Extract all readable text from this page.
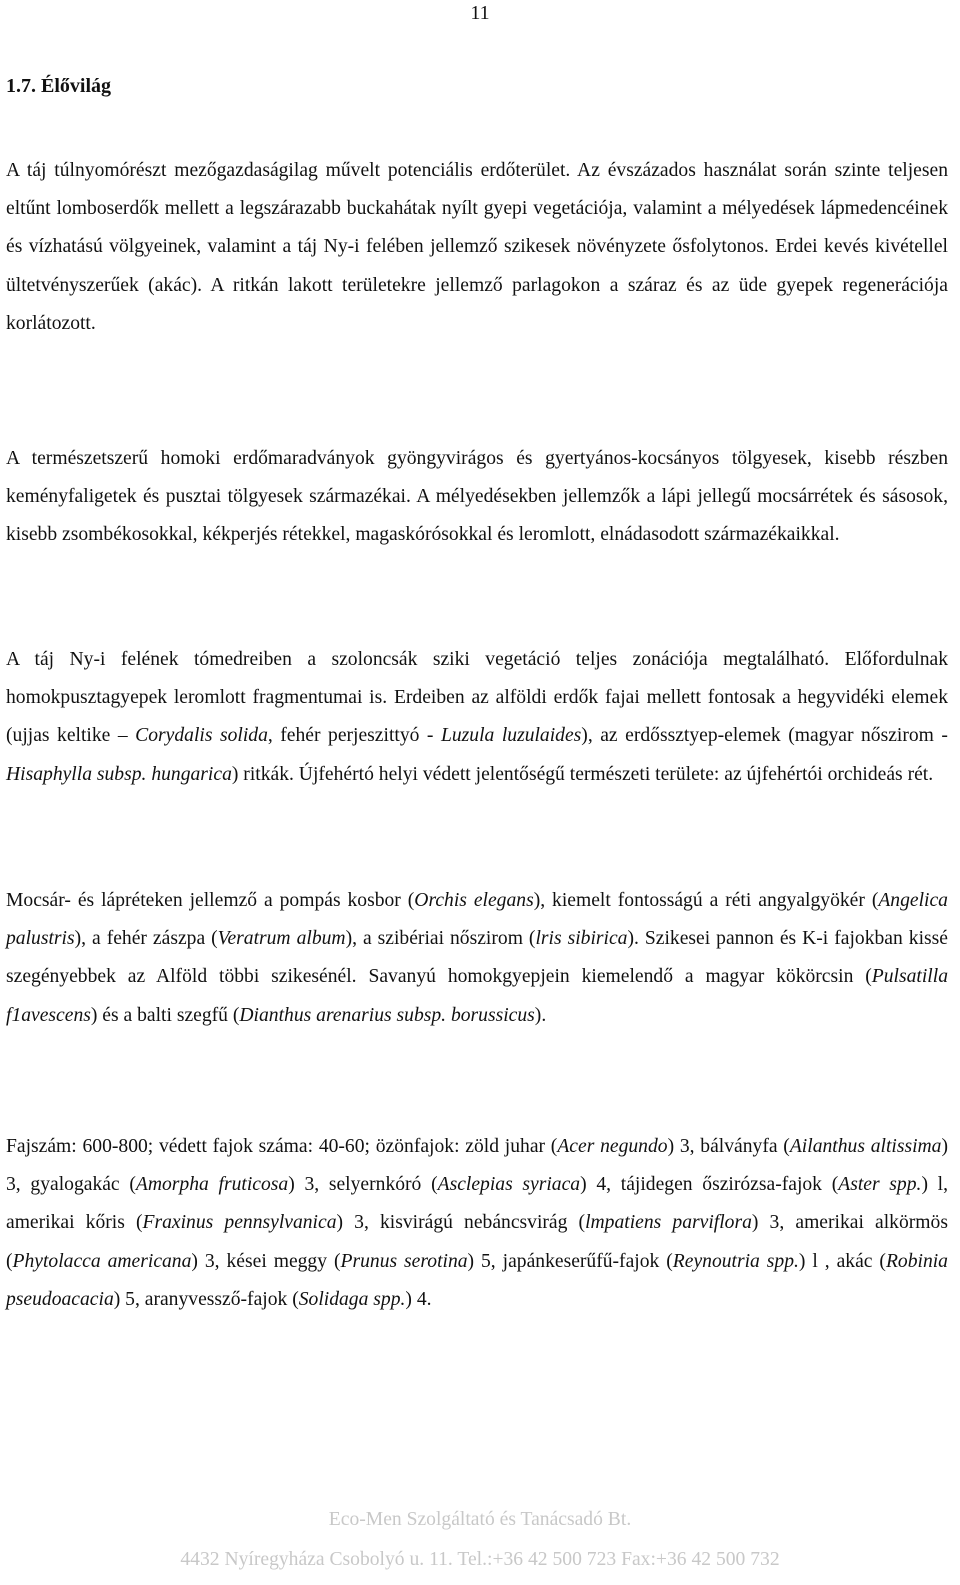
11
1.7. Élővilág

A táj túlnyomórészt mezőgazdaságilag művelt potenciális erdőterület. Az évszázados használat során szinte teljesen eltűnt lomboserdők mellett a legszárazabb buckahátak nyílt gyepi vegetációja, valamint a mélyedések lápmedencéinek és vízhatású völgyeinek, valamint a táj Ny-i felében jellemző szikesek növényzete ősfolytonos. Erdei kevés kivétellel ültetvényszerűek (akác). A ritkán lakott területekre jellemző parlagokon a száraz és az üde gyepek regenerációja korlátozott.

A természetszerű homoki erdőmaradványok gyöngyvirágos és gyertyános-kocsányos tölgyesek, kisebb részben keményfaligetek és pusztai tölgyesek származékai. A mélyedésekben jellemzők a lápi jellegű mocsárrétek és sásosok, kisebb zsombékosokkal, kékperjés rétekkel, magaskórósokkal és leromlott, elnádasodott származékaikkal.

A táj Ny-i felének tómedreiben a szoloncsák sziki vegetáció teljes zonációja megtalálható. Előfordulnak homokpusztagyepek leromlott fragmentumai is. Erdeiben az alföldi erdők fajai mellett fontosak a hegyvidéki elemek (ujjas keltike – Corydalis solida, fehér perjeszittyó - Luzula luzulaides), az erdőssztyep-elemek (magyar nőszirom - Hisaphylla subsp. hungarica) ritkák. Újfehértó helyi védett jelentőségű természeti területe: az újfehértói orchideás rét.

Mocsár- és lápréteken jellemző a pompás kosbor (Orchis elegans), kiemelt fontosságú a réti angyalgyökér (Angelica palustris), a fehér zászpa (Veratrum album), a szibériai nőszirom (lris sibirica). Szikesei pannon és K-i fajokban kissé szegényebbek az Alföld többi szikesénél. Savanyú homokgyepjein kiemelendő a magyar kökörcsin (Pulsatilla f1avescens) és a balti szegfű (Dianthus arenarius subsp. borussicus).

Fajszám: 600-800; védett fajok száma: 40-60; özönfajok: zöld juhar (Acer negundo) 3, bálványfa (Ailanthus altissima) 3, gyalogakác (Amorpha fruticosa) 3, selyernkóró (Asclepias syriaca) 4, tájidegen őszirózsa-fajok (Aster spp.) l, amerikai kőris (Fraxinus pennsylvanica) 3, kisvirágú nebáncsvirág (lmpatiens parviflora) 3, amerikai alkörmös (Phytolacca americana) 3, kései meggy (Prunus serotina) 5, japánkeserűfű-fajok (Reynoutria spp.) l , akác (Robinia pseudoacacia) 5, aranyvessző-fajok (Solidaga spp.) 4.

Eco-Men Szolgáltató és Tanácsadó Bt.
4432 Nyíregyháza Csobolyó u. 11. Tel.:+36 42 500 723 Fax:+36 42 500 732
